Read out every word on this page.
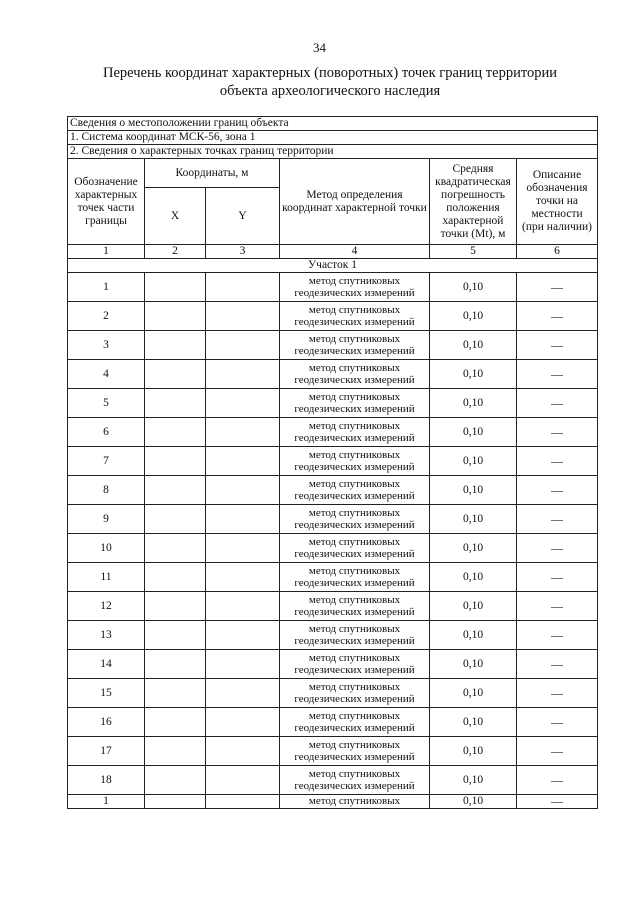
34
Перечень координат характерных (поворотных) точек границ территории
объекта археологического наследия
Сведения о местоположении границ объекта					
1. Система координат МСК-56, зона 1					
2. Сведения о характерных точках границ территории					
Обозначение характерных точек части границы	Координаты, м		Метод определения координат характерной точки	Средняя квадратическая погрешность положения характерной точки (Mt), м	Описание обозначения точки на местности (при наличии)
	X	Y			
1	2	3	4	5	6
Участок 1					
1			метод спутниковых геодезических измерений	0,10	—
2			метод спутниковых геодезических измерений	0,10	—
3			метод спутниковых геодезических измерений	0,10	—
4			метод спутниковых геодезических измерений	0,10	—
5			метод спутниковых геодезических измерений	0,10	—
6			метод спутниковых геодезических измерений	0,10	—
7			метод спутниковых геодезических измерений	0,10	—
8			метод спутниковых геодезических измерений	0,10	—
9			метод спутниковых геодезических измерений	0,10	—
10			метод спутниковых геодезических измерений	0,10	—
11			метод спутниковых геодезических измерений	0,10	—
12			метод спутниковых геодезических измерений	0,10	—
13			метод спутниковых геодезических измерений	0,10	—
14			метод спутниковых геодезических измерений	0,10	—
15			метод спутниковых геодезических измерений	0,10	—
16			метод спутниковых геодезических измерений	0,10	—
17			метод спутниковых геодезических измерений	0,10	—
18			метод спутниковых геодезических измерений	0,10	—
1			метод спутниковых	0,10	—
